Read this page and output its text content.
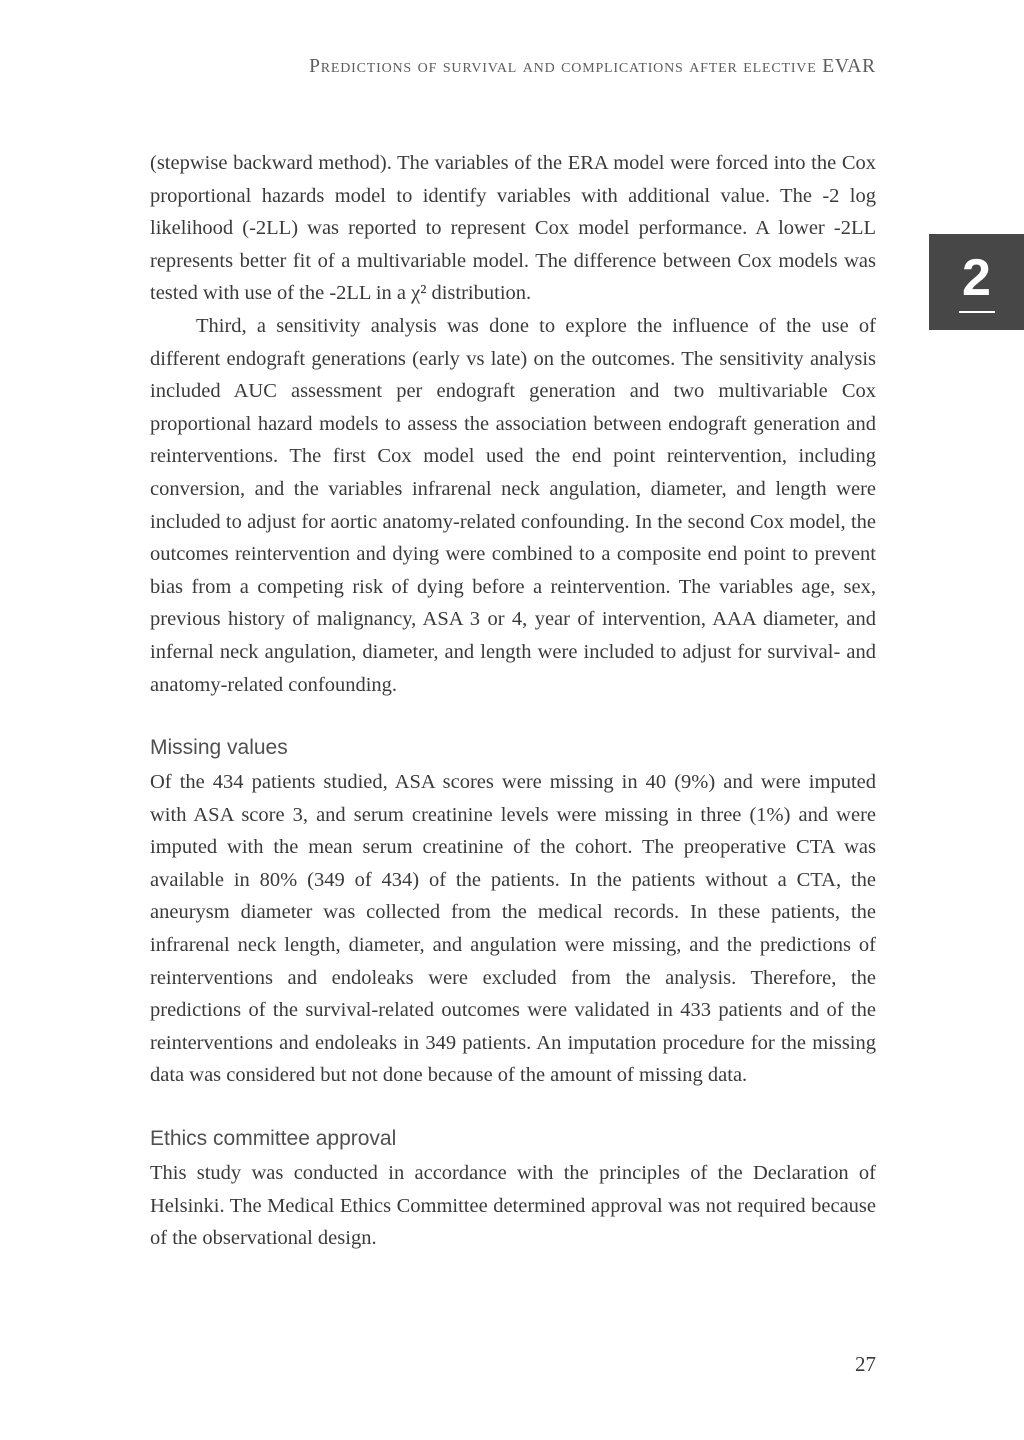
Predictions of survival and complications after elective EVAR
2

(stepwise backward method). The variables of the ERA model were forced into the Cox proportional hazards model to identify variables with additional value. The -2 log likelihood (-2LL) was reported to represent Cox model performance. A lower -2LL represents better fit of a multivariable model. The difference between Cox models was tested with use of the -2LL in a χ² distribution.

Third, a sensitivity analysis was done to explore the influence of the use of different endograft generations (early vs late) on the outcomes. The sensitivity analysis included AUC assessment per endograft generation and two multivariable Cox proportional hazard models to assess the association between endograft generation and reinterventions. The first Cox model used the end point reintervention, including conversion, and the variables infrarenal neck angulation, diameter, and length were included to adjust for aortic anatomy-related confounding. In the second Cox model, the outcomes reintervention and dying were combined to a composite end point to prevent bias from a competing risk of dying before a reintervention. The variables age, sex, previous history of malignancy, ASA 3 or 4, year of intervention, AAA diameter, and infernal neck angulation, diameter, and length were included to adjust for survival- and anatomy-related confounding.

Missing values

Of the 434 patients studied, ASA scores were missing in 40 (9%) and were imputed with ASA score 3, and serum creatinine levels were missing in three (1%) and were imputed with the mean serum creatinine of the cohort. The preoperative CTA was available in 80% (349 of 434) of the patients. In the patients without a CTA, the aneurysm diameter was collected from the medical records. In these patients, the infrarenal neck length, diameter, and angulation were missing, and the predictions of reinterventions and endoleaks were excluded from the analysis. Therefore, the predictions of the survival-related outcomes were validated in 433 patients and of the reinterventions and endoleaks in 349 patients. An imputation procedure for the missing data was considered but not done because of the amount of missing data.

Ethics committee approval

This study was conducted in accordance with the principles of the Declaration of Helsinki. The Medical Ethics Committee determined approval was not required because of the observational design.

27
